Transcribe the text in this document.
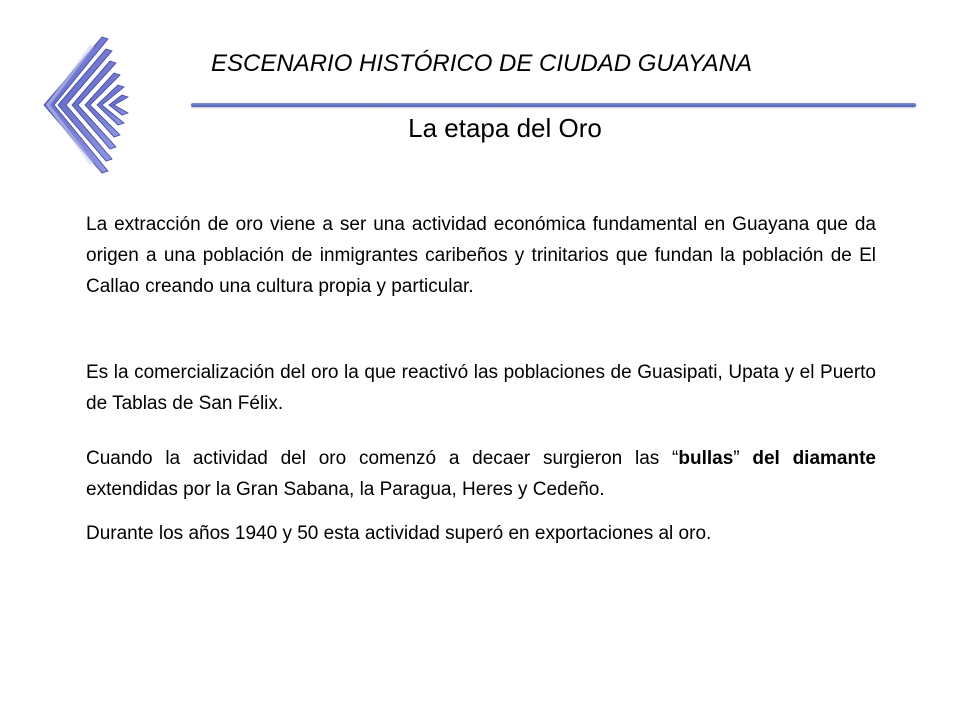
ESCENARIO HISTÓRICO DE CIUDAD GUAYANA
La etapa del Oro
La extracción de oro viene a ser una actividad económica fundamental en Guayana que da origen a una población de inmigrantes caribeños y trinitarios que fundan la población de El Callao creando una cultura propia y particular.
Es la comercialización del oro la que reactivó las poblaciones de Guasipati, Upata y el Puerto de Tablas de San Félix.
Cuando la actividad del oro comenzó a decaer surgieron las “bullas” del diamante extendidas por la Gran Sabana, la Paragua, Heres y Cedeño.
Durante los años 1940 y 50 esta actividad superó en exportaciones al oro.
